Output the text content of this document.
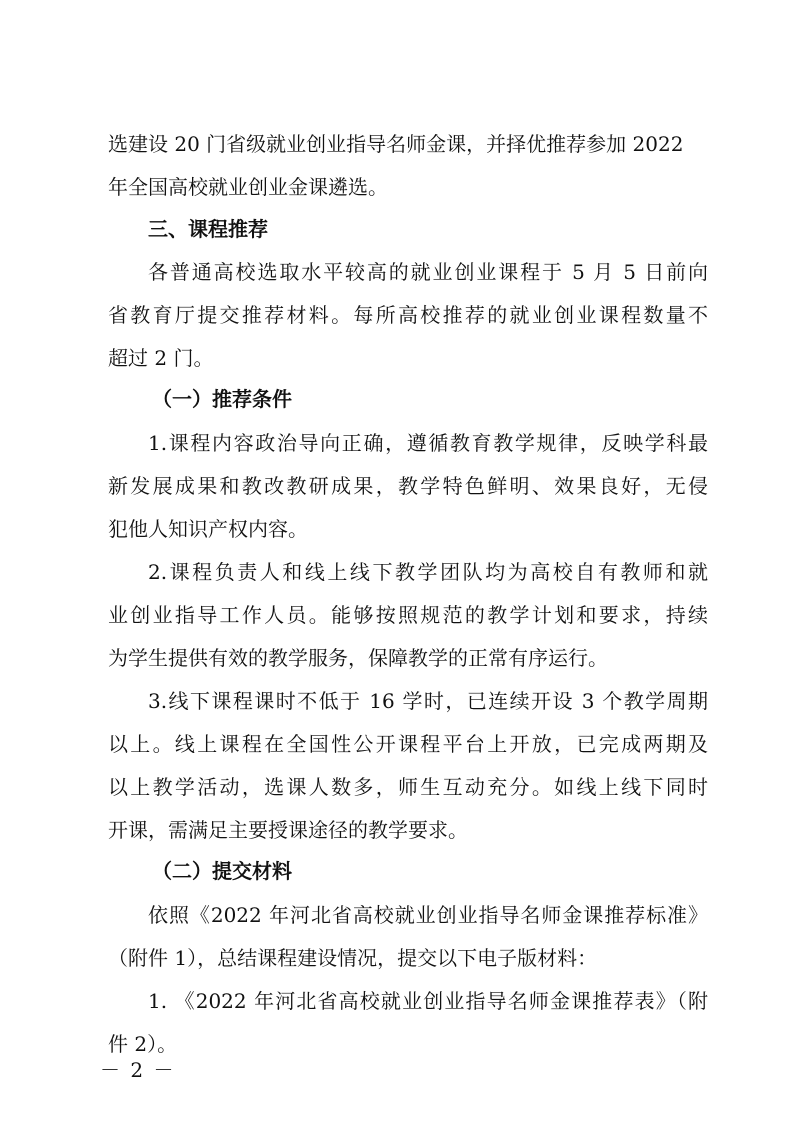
选建设 20 门省级就业创业指导名师金课，并择优推荐参加 2022
年全国高校就业创业金课遴选。
三、课程推荐
各普通高校选取水平较高的就业创业课程于 5 月 5 日前向
省教育厅提交推荐材料。每所高校推荐的就业创业课程数量不
超过 2 门。
（一）推荐条件
1.课程内容政治导向正确，遵循教育教学规律，反映学科最
新发展成果和教改教研成果，教学特色鲜明、效果良好，无侵
犯他人知识产权内容。
2.课程负责人和线上线下教学团队均为高校自有教师和就
业创业指导工作人员。能够按照规范的教学计划和要求，持续
为学生提供有效的教学服务，保障教学的正常有序运行。
3.线下课程课时不低于 16 学时，已连续开设 3 个教学周期
以上。线上课程在全国性公开课程平台上开放，已完成两期及
以上教学活动，选课人数多，师生互动充分。如线上线下同时
开课，需满足主要授课途径的教学要求。
（二）提交材料
依照《2022 年河北省高校就业创业指导名师金课推荐标准》
（附件 1），总结课程建设情况，提交以下电子版材料：
1. 《2022 年河北省高校就业创业指导名师金课推荐表》（附
件 2）。
－ 2 －
